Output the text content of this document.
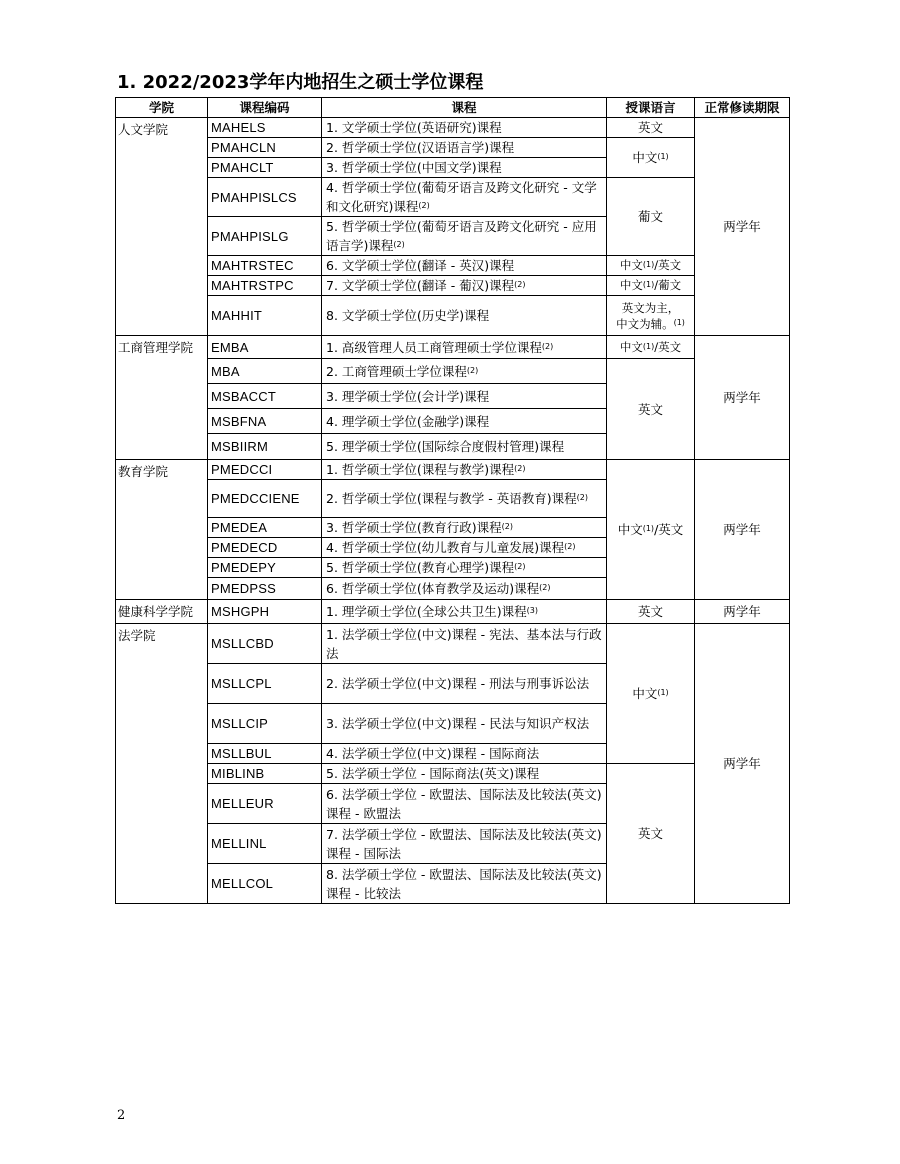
1. 2022/2023学年内地招生之硕士学位课程
学院	课程编码	课程	授课语言	正常修读期限
人文学院	MAHELS	1. 文学硕士学位(英语研究)课程	英文	两学年
	PMAHCLN	2. 哲学硕士学位(汉语语言学)课程	中文$^{(1)}$
	PMAHCLT	3. 哲学硕士学位(中国文学)课程		
	PMAHPISLCS	4. 哲学硕士学位(葡萄牙语言及跨文化研究 - 文学和文化研究)课程$^{(2)}$	葡文	
	PMAHPISLG	5. 哲学硕士学位(葡萄牙语言及跨文化研究 - 应用语言学)课程$^{(2)}$
	MAHTRSTEC	6. 文学硕士学位(翻译 - 英汉)课程	中文$^{(1)}$/英文	
	MAHTRSTPC	7. 文学硕士学位(翻译 - 葡汉)课程$^{(2)}$	中文$^{(1)}$/葡文	
	MAHHIT	8. 文学硕士学位(历史学)课程	英文为主，
中文为辅。$^{(1)}$
工商管理学院	EMBA	1. 高级管理人员工商管理硕士学位课程$^{(2)}$	中文$^{(1)}$/英文	两学年
	MBA	2. 工商管理硕士学位课程$^{(2)}$	英文	
	MSBACCT	3. 理学硕士学位(会计学)课程		
	MSBFNA	4. 理学硕士学位(金融学)课程		
	MSBIIRM	5. 理学硕士学位(国际综合度假村管理)课程		
教育学院	PMEDCCI	1. 哲学硕士学位(课程与教学)课程$^{(2)}$	中文$^{(1)}$/英文	两学年
	PMEDCCIENE	2. 哲学硕士学位(课程与教学 - 英语教育)课程$^{(2)}$
	PMEDEA	3. 哲学硕士学位(教育行政)课程$^{(2)}$
	PMEDECD	4. 哲学硕士学位(幼儿教育与儿童发展)课程$^{(2)}$
	PMEDEPY	5. 哲学硕士学位(教育心理学)课程$^{(2)}$
	PMEDPSS	6. 哲学硕士学位(体育教学及运动)课程$^{(2)}$
健康科学学院	MSHGPH	1. 理学硕士学位(全球公共卫生)课程$^{(3)}$	英文	两学年
法学院	MSLLCBD	1. 法学硕士学位(中文)课程 - 宪法、基本法与行政法	中文$^{(1)}$	两学年
	MSLLCPL	2. 法学硕士学位(中文)课程 - 刑法与刑事诉讼法		
	MSLLCIP	3. 法学硕士学位(中文)课程 - 民法与知识产权法		
	MSLLBUL	4. 法学硕士学位(中文)课程 - 国际商法		
	MIBLINB	5. 法学硕士学位 - 国际商法(英文)课程	英文	
	MELLEUR	6. 法学硕士学位 - 欧盟法、国际法及比较法(英文)课程 - 欧盟法		
	MELLINL	7. 法学硕士学位 - 欧盟法、国际法及比较法(英文)课程 - 国际法		
	MELLCOL	8. 法学硕士学位 - 欧盟法、国际法及比较法(英文)课程 - 比较法		
2
